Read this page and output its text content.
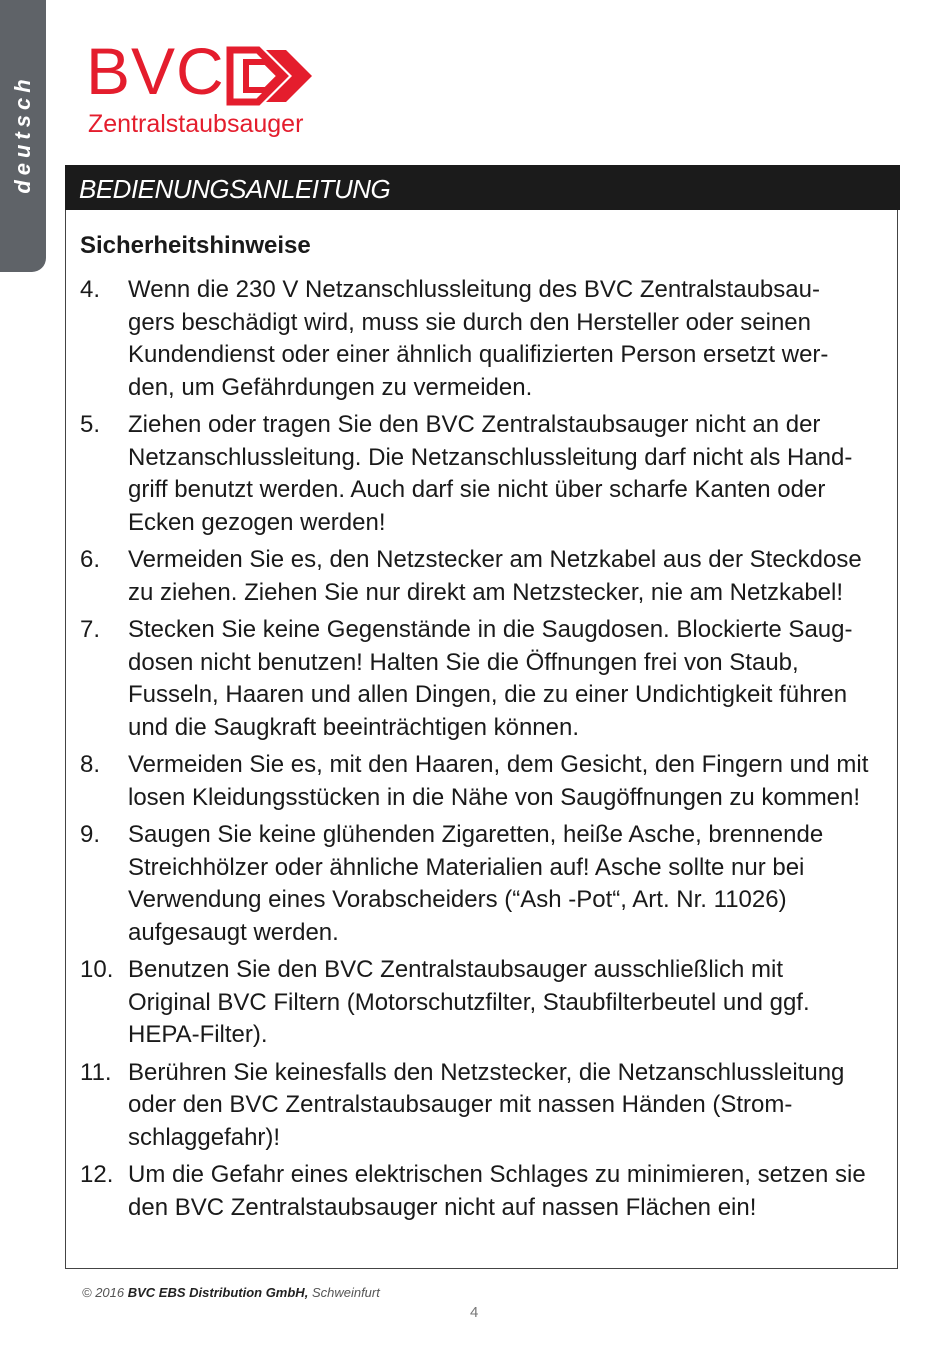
deutsch
BVC
Zentralstaubsauger
BEDIENUNGSANLEITUNG
Sicherheitshinweise
4.	Wenn die 230 V Netzanschlussleitung des BVC Zentralstaubsau-
gers beschädigt wird, muss sie durch den Hersteller oder seinen
Kundendienst oder einer ähnlich qualifizierten Person ersetzt wer-
den, um Gefährdungen zu vermeiden.
5.	Ziehen oder tragen Sie den BVC Zentralstaubsauger nicht an der
Netzanschlussleitung. Die Netzanschlussleitung darf nicht als Hand-
griff benutzt werden. Auch darf sie nicht über scharfe Kanten oder
Ecken gezogen werden!
6.	Vermeiden Sie es, den Netzstecker am Netzkabel aus der Steckdose
zu ziehen. Ziehen Sie nur direkt am Netzstecker, nie am Netzkabel!
7.	Stecken Sie keine Gegenstände in die Saugdosen. Blockierte Saug-
dosen nicht benutzen! Halten Sie die Öffnungen frei von Staub,
Fusseln, Haaren und allen Dingen, die zu einer Undichtigkeit führen
und die Saugkraft beeinträchtigen können.
8.	Vermeiden Sie es, mit den Haaren, dem Gesicht, den Fingern und mit
losen Kleidungsstücken in die Nähe von Saugöffnungen zu kommen!
9.	Saugen Sie keine glühenden Zigaretten, heiße Asche, brennende
Streichhölzer oder ähnliche Materialien auf! Asche sollte nur bei
Verwendung eines Vorabscheiders (“Ash -Pot“, Art. Nr. 11026)
aufgesaugt werden.
10. Benutzen Sie den BVC Zentralstaubsauger ausschließlich mit
Original BVC Filtern (Motorschutzfilter, Staubfilterbeutel und ggf.
HEPA-Filter).
11. Berühren Sie keinesfalls den Netzstecker, die Netzanschlussleitung
oder den BVC Zentralstaubsauger mit nassen Händen (Strom-
schlaggefahr)!
12. Um die Gefahr eines elektrischen Schlages zu minimieren, setzen sie
den BVC Zentralstaubsauger nicht auf nassen Flächen ein!
© 2016 BVC EBS Distribution GmbH, Schweinfurt
4
